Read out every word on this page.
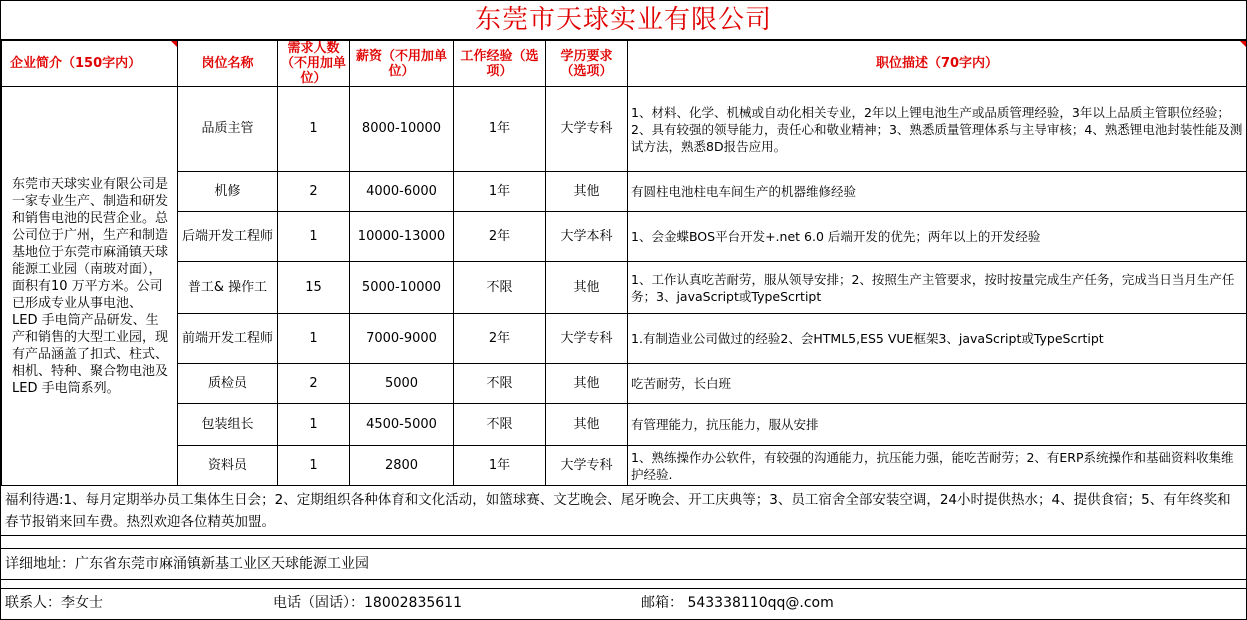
东莞市天球实业有限公司
企业简介（150字内）	岗位名称	需求人数（不用加单位）	薪资（不用加单位）	工作经验（选项）	学历要求（选项）	职位描述（70字内）

东莞市天球实业有限公司是一家专业生产、制造和研发和销售电池的民营企业。总公司位于广州，生产和制造基地位于东莞市麻涌镇天球能源工业园（南玻对面），面积有10 万平方米。公司已形成专业从事电池、 LED 手电筒产品研发、生产和销售的大型工业园，现有产品涵盖了扣式、柱式、相机、特种、聚合物电池及 LED 手电筒系列。	品质主管	1	8000-10000	1年	大学专科	1、材料、化学、机械或自动化相关专业，2年以上锂电池生产或品质管理经验，3年以上品质主管职位经验；2、具有较强的领导能力，责任心和敬业精神；3、熟悉质量管理体系与主导审核；4、熟悉锂电池封装性能及测试方法，熟悉8D报告应用。
	机修	2	4000-6000	1年	其他	有圆柱电池柱电车间生产的机器维修经验
	后端开发工程师	1	10000-13000	2年	大学本科	1、会金蝶BOS平台开发+.net 6.0 后端开发的优先；两年以上的开发经验
	普工& 操作工	15	5000-10000	不限	其他	1、工作认真吃苦耐劳，服从领导安排；2、按照生产主管要求，按时按量完成生产任务，完成当日当月生产任务；3、javaScript或TypeScrtipt
	前端开发工程师	1	7000-9000	2年	大学专科	1.有制造业公司做过的经验2、会HTML5,ES5 VUE框架3、javaScript或TypeScrtipt
	质检员	2	5000	不限	其他	吃苦耐劳，长白班
	包装组长	1	4500-5000	不限	其他	有管理能力，抗压能力，服从安排
	资料员	1	2800	1年	大学专科	1、熟练操作办公软件，有较强的沟通能力，抗压能力强，能吃苦耐劳；2、有ERP系统操作和基础资料收集维护经验.
福利待遇:1、每月定期举办员工集体生日会；2、定期组织各种体育和文化活动，如篮球赛、文艺晚会、尾牙晚会、开工庆典等；3、员工宿舍全部安装空调，24小时提供热水；4、提供食宿；5、有年终奖和春节报销来回车费。热烈欢迎各位精英加盟。
详细地址：广东省东莞市麻涌镇新基工业区天球能源工业园
联系人：李女士	电话（固话）：18002835611	邮箱： 543338110qq@.com
